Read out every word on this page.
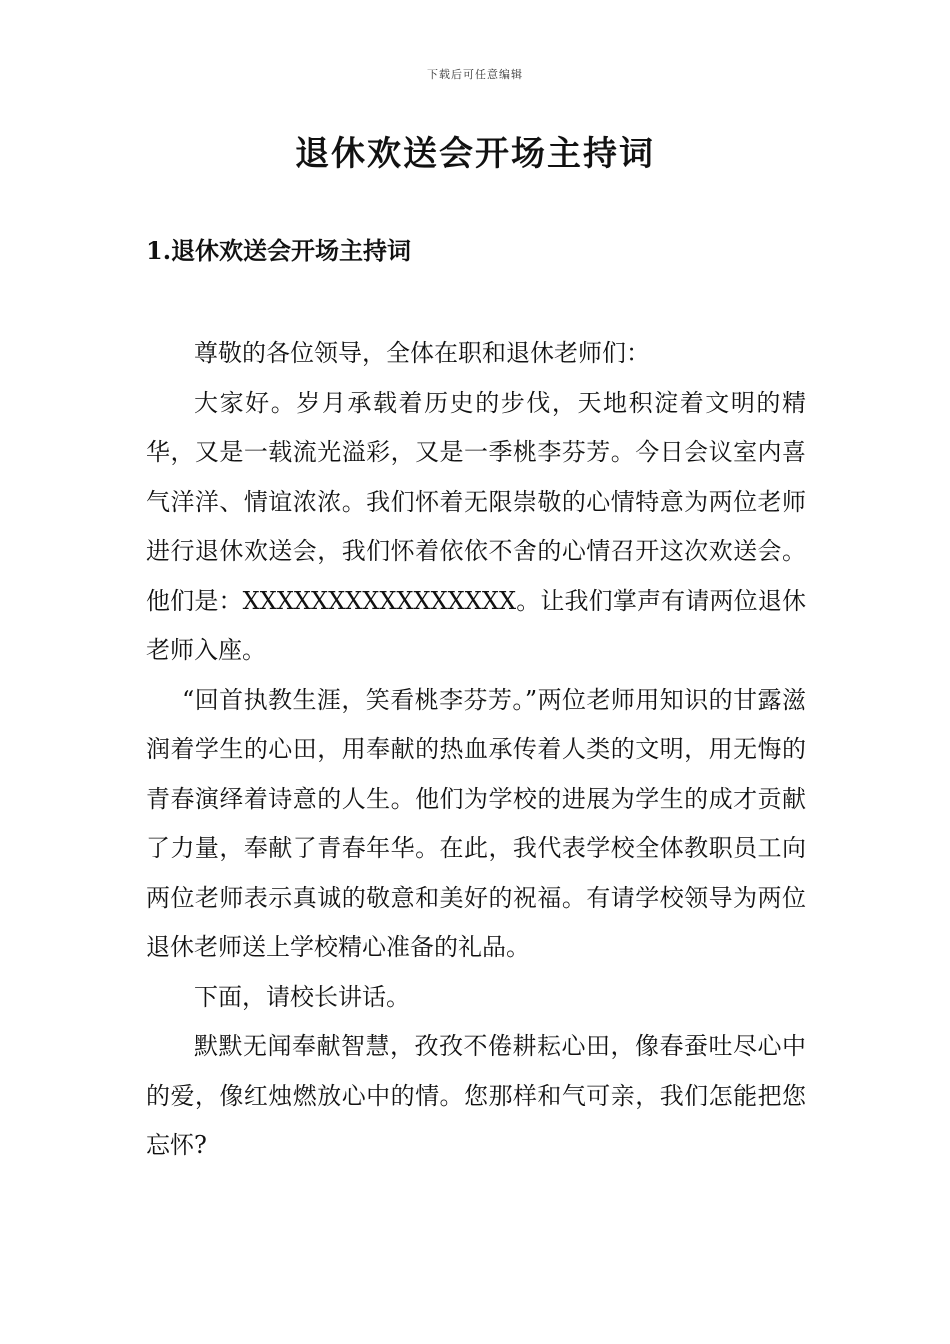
下载后可任意编辑
退休欢送会开场主持词
1.退休欢送会开场主持词

尊敬的各位领导，全体在职和退休老师们：

大家好。岁月承载着历史的步伐，天地积淀着文明的精华，又是一载流光溢彩，又是一季桃李芬芳。今日会议室内喜气洋洋、情谊浓浓。我们怀着无限崇敬的心情特意为两位老师进行退休欢送会，我们怀着依依不舍的心情召开这次欢送会。他们是：XXXXXXXXXXXXXXXX。让我们掌声有请两位退休老师入座。

“回首执教生涯，笑看桃李芬芳。”两位老师用知识的甘露滋润着学生的心田，用奉献的热血承传着人类的文明，用无悔的青春演绎着诗意的人生。他们为学校的进展为学生的成才贡献了力量，奉献了青春年华。在此，我代表学校全体教职员工向两位老师表示真诚的敬意和美好的祝福。有请学校领导为两位退休老师送上学校精心准备的礼品。

下面，请校长讲话。

默默无闻奉献智慧，孜孜不倦耕耘心田，像春蚕吐尽心中的爱，像红烛燃放心中的情。您那样和气可亲，我们怎能把您忘怀?
